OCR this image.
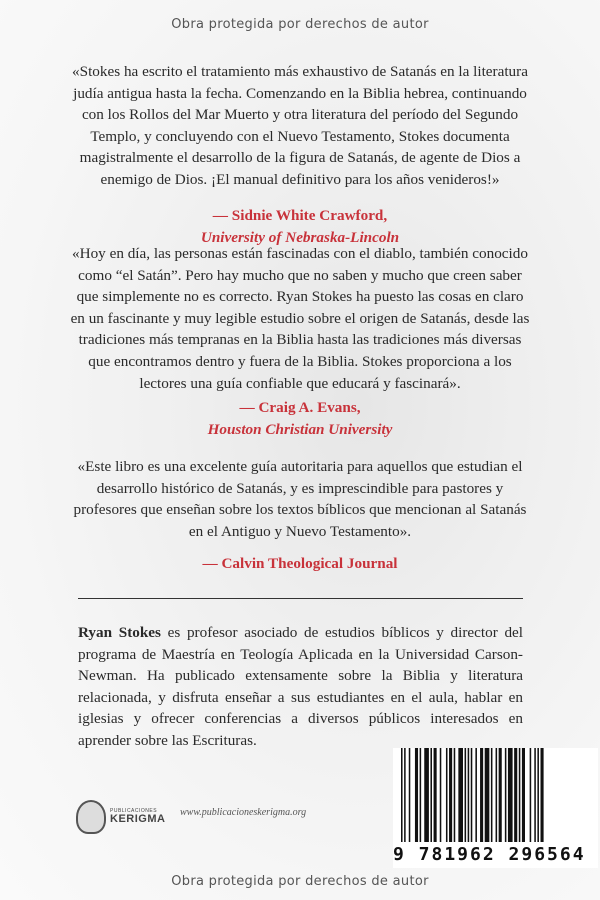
Obra protegida por derechos de autor
«Stokes ha escrito el tratamiento más exhaustivo de Satanás en la literatura
judía antigua hasta la fecha. Comenzando en la Biblia hebrea, continuando
con los Rollos del Mar Muerto y otra literatura del período del Segundo
Templo, y concluyendo con el Nuevo Testamento, Stokes documenta
magistralmente el desarrollo de la figura de Satanás, de agente de Dios a
enemigo de Dios. ¡El manual definitivo para los años venideros!»
— Sidnie White Crawford,
University of Nebraska-Lincoln
«Hoy en día, las personas están fascinadas con el diablo, también conocido
como “el Satán”. Pero hay mucho que no saben y mucho que creen saber
que simplemente no es correcto. Ryan Stokes ha puesto las cosas en claro
en un fascinante y muy legible estudio sobre el origen de Satanás, desde las
tradiciones más tempranas en la Biblia hasta las tradiciones más diversas
que encontramos dentro y fuera de la Biblia. Stokes proporciona a los
lectores una guía confiable que educará y fascinará».
— Craig A. Evans,
Houston Christian University
«Este libro es una excelente guía autoritaria para aquellos que estudian el
desarrollo histórico de Satanás, y es imprescindible para pastores y
profesores que enseñan sobre los textos bíblicos que mencionan al Satanás
en el Antiguo y Nuevo Testamento».
— Calvin Theological Journal
Ryan Stokes es profesor asociado de estudios bíblicos y director del programa de Maestría en Teología Aplicada en la Universidad Carson-Newman. Ha publicado extensamente sobre la Biblia y literatura relacionada, y disfruta enseñar a sus estudiantes en el aula, hablar en iglesias y ofrecer conferencias a diversos públicos interesados en aprender sobre las Escrituras.
PUBLICACIONES
KERIGMA
www.publicacioneskerigma.org
9 781962 296564
Obra protegida por derechos de autor
